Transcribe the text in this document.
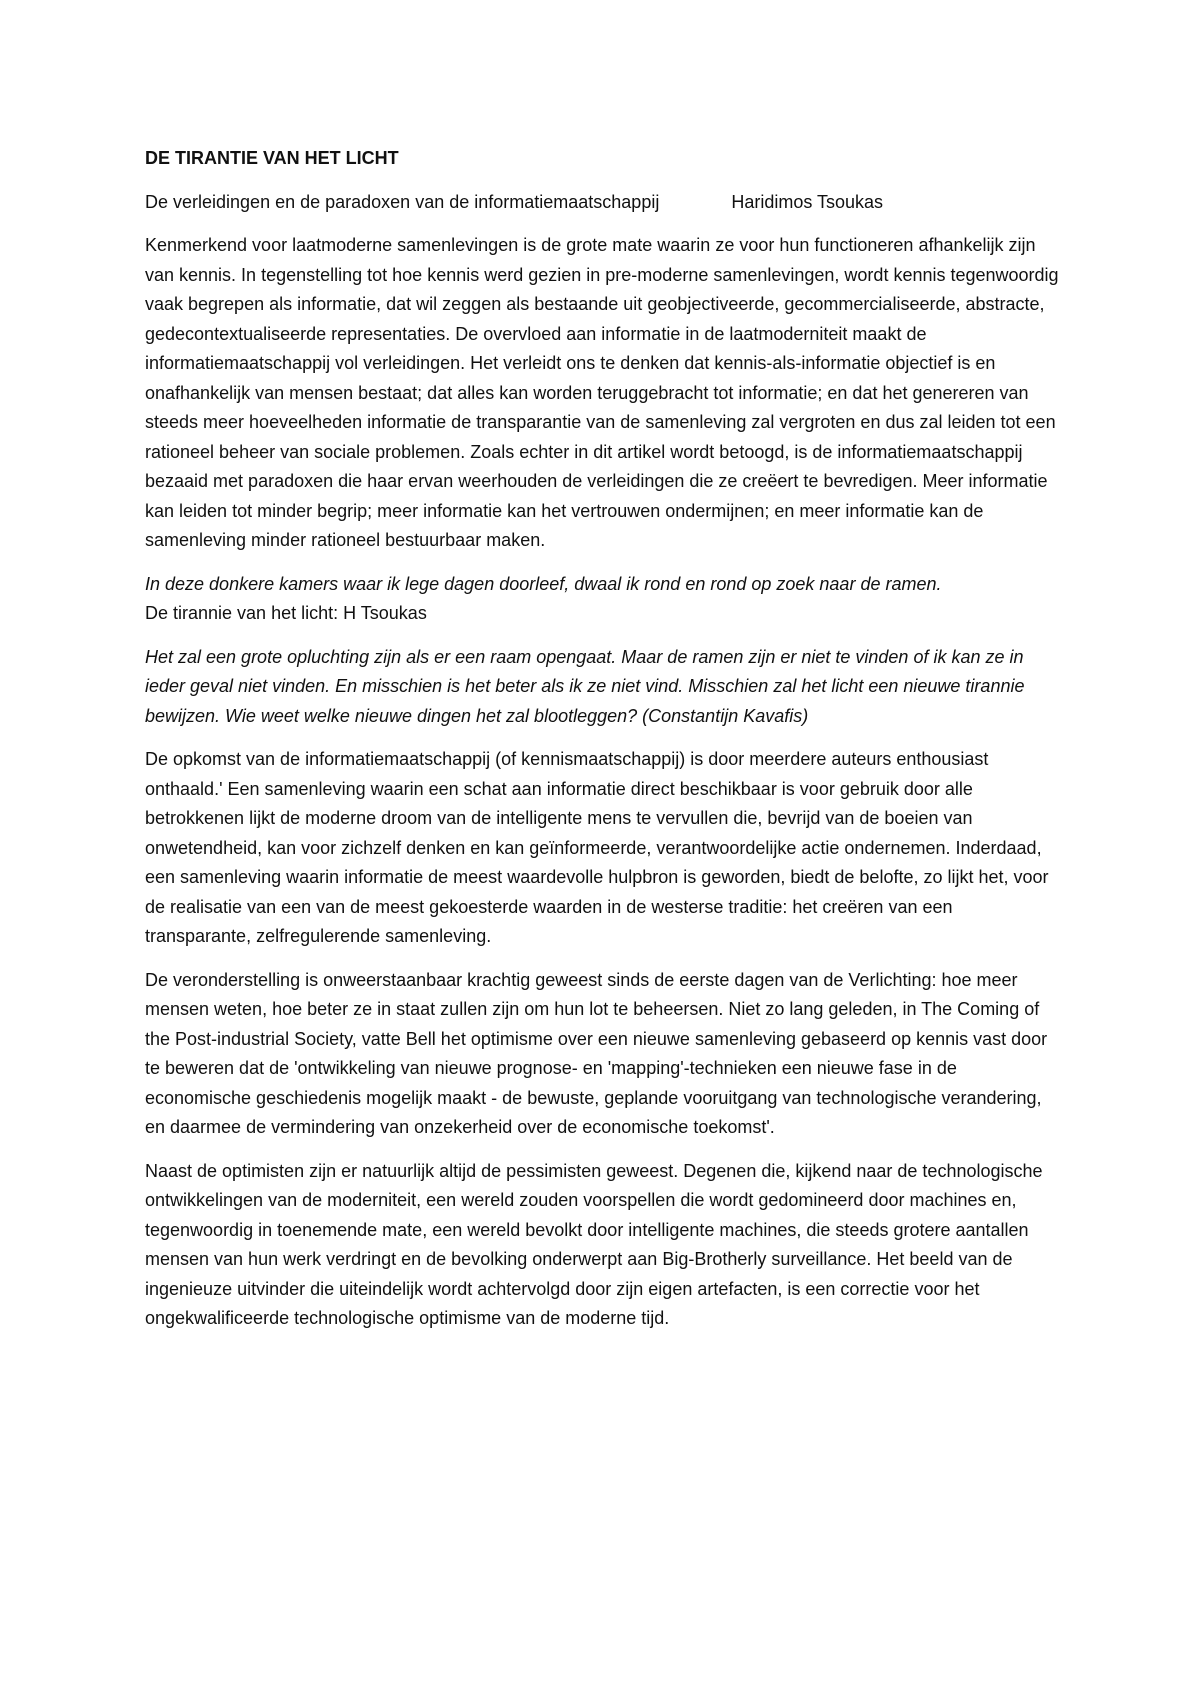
DE TIRANTIE VAN HET LICHT

De verleidingen en de paradoxen van de informatiemaatschappij	Haridimos Tsoukas

Kenmerkend voor laatmoderne samenlevingen is de grote mate waarin ze voor hun functioneren afhankelijk zijn van kennis. In tegenstelling tot hoe kennis werd gezien in pre-moderne samenlevingen, wordt kennis tegenwoordig vaak begrepen als informatie, dat wil zeggen als bestaande uit geobjectiveerde, gecommercialiseerde, abstracte, gedecontextualiseerde representaties. De overvloed aan informatie in de laatmoderniteit maakt de informatiemaatschappij vol verleidingen. Het verleidt ons te denken dat kennis-als-informatie objectief is en onafhankelijk van mensen bestaat; dat alles kan worden teruggebracht tot informatie; en dat het genereren van steeds meer hoeveelheden informatie de transparantie van de samenleving zal vergroten en dus zal leiden tot een rationeel beheer van sociale problemen. Zoals echter in dit artikel wordt betoogd, is de informatiemaatschappij bezaaid met paradoxen die haar ervan weerhouden de verleidingen die ze creëert te bevredigen. Meer informatie kan leiden tot minder begrip; meer informatie kan het vertrouwen ondermijnen; en meer informatie kan de samenleving minder rationeel bestuurbaar maken.

In deze donkere kamers waar ik lege dagen doorleef, dwaal ik rond en rond op zoek naar de ramen.

De tirannie van het licht: H Tsoukas

Het zal een grote opluchting zijn als er een raam opengaat. Maar de ramen zijn er niet te vinden of ik kan ze in ieder geval niet vinden. En misschien is het beter als ik ze niet vind. Misschien zal het licht een nieuwe tirannie bewijzen. Wie weet welke nieuwe dingen het zal blootleggen? (Constantijn Kavafis)

De opkomst van de informatiemaatschappij (of kennismaatschappij) is door meerdere auteurs enthousiast onthaald.' Een samenleving waarin een schat aan informatie direct beschikbaar is voor gebruik door alle betrokkenen lijkt de moderne droom van de intelligente mens te vervullen die, bevrijd van de boeien van onwetendheid, kan voor zichzelf denken en kan geïnformeerde, verantwoordelijke actie ondernemen. Inderdaad, een samenleving waarin informatie de meest waardevolle hulpbron is geworden, biedt de belofte, zo lijkt het, voor de realisatie van een van de meest gekoesterde waarden in de westerse traditie: het creëren van een transparante, zelfregulerende samenleving.

De veronderstelling is onweerstaanbaar krachtig geweest sinds de eerste dagen van de Verlichting: hoe meer mensen weten, hoe beter ze in staat zullen zijn om hun lot te beheersen. Niet zo lang geleden, in The Coming of the Post-industrial Society, vatte Bell het optimisme over een nieuwe samenleving gebaseerd op kennis vast door te beweren dat de 'ontwikkeling van nieuwe prognose- en 'mapping'-technieken een nieuwe fase in de economische geschiedenis mogelijk maakt - de bewuste, geplande vooruitgang van technologische verandering, en daarmee de vermindering van onzekerheid over de economische toekomst'.

Naast de optimisten zijn er natuurlijk altijd de pessimisten geweest. Degenen die, kijkend naar de technologische ontwikkelingen van de moderniteit, een wereld zouden voorspellen die wordt gedomineerd door machines en, tegenwoordig in toenemende mate, een wereld bevolkt door intelligente machines, die steeds grotere aantallen mensen van hun werk verdringt en de bevolking onderwerpt aan Big-Brotherly surveillance. Het beeld van de ingenieuze uitvinder die uiteindelijk wordt achtervolgd door zijn eigen artefacten, is een correctie voor het ongekwalificeerde technologische optimisme van de moderne tijd.
